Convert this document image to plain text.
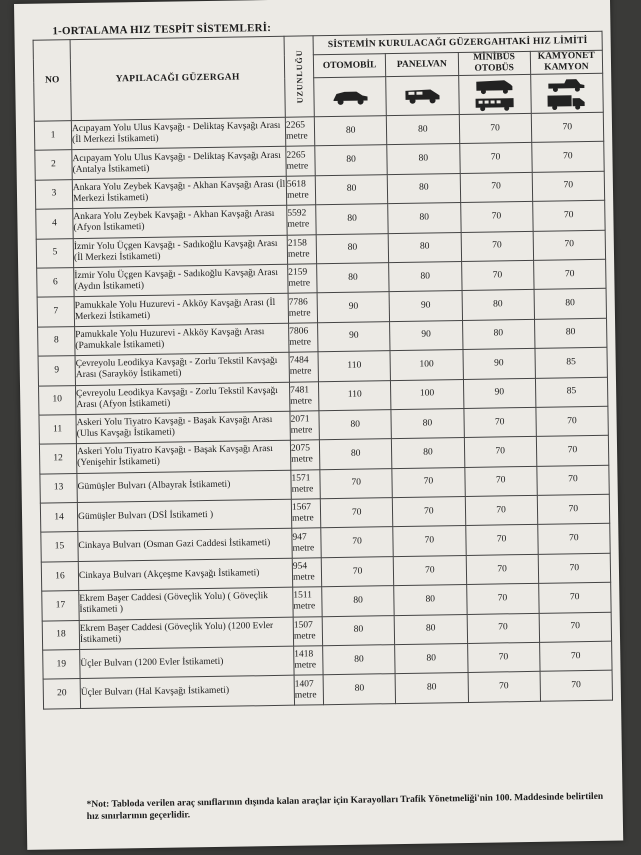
1-ORTALAMA HIZ TESPİT SİSTEMLERİ:
NO	YAPILACAĞI GÜZERGAH	UZUNLUĞU	SİSTEMİN KURULACAĞI GÜZERGAHTAKİ HIZ LİMİTİ			
			OTOMOBİL	PANELVAN	MİNİBÜS OTOBÜS	KAMYONET KAMYON

1	Acıpayam Yolu Ulus Kavşağı - Deliktaş Kavşağı Arası (İl Merkezi İstikameti)	2265 metre	80	80	70	70
2	Acıpayam Yolu Ulus Kavşağı - Deliktaş Kavşağı Arası (Antalya İstikameti)	2265 metre	80	80	70	70
3	Ankara Yolu Zeybek Kavşağı - Akhan Kavşağı Arası (İl Merkezi İstikameti)	5618 metre	80	80	70	70
4	Ankara Yolu Zeybek Kavşağı - Akhan Kavşağı Arası (Afyon İstikameti)	5592 metre	80	80	70	70
5	İzmir Yolu Üçgen Kavşağı - Sadıkoğlu Kavşağı Arası (İl Merkezi İstikameti)	2158 metre	80	80	70	70
6	İzmir Yolu Üçgen Kavşağı - Sadıkoğlu Kavşağı Arası (Aydın İstikameti)	2159 metre	80	80	70	70
7	Pamukkale Yolu Huzurevi - Akköy Kavşağı Arası (İl Merkezi İstikameti)	7786 metre	90	90	80	80
8	Pamukkale Yolu Huzurevi - Akköy Kavşağı Arası (Pamukkale İstikameti)	7806 metre	90	90	80	80
9	Çevreyolu Leodikya Kavşağı - Zorlu Tekstil Kavşağı Arası (Sarayköy İstikameti)	7484 metre	110	100	90	85
10	Çevreyolu Leodikya Kavşağı - Zorlu Tekstil Kavşağı Arası (Afyon İstikameti)	7481 metre	110	100	90	85
11	Askeri Yolu Tiyatro Kavşağı - Başak Kavşağı Arası (Ulus Kavşağı İstikameti)	2071 metre	80	80	70	70
12	Askeri Yolu Tiyatro Kavşağı - Başak Kavşağı Arası (Yenişehir İstikameti)	2075 metre	80	80	70	70
13	Gümüşler Bulvarı (Albayrak İstikameti)	1571 metre	70	70	70	70
14	Gümüşler Bulvarı (DSİ İstikameti )	1567 metre	70	70	70	70
15	Cinkaya Bulvarı (Osman Gazi Caddesi İstikameti)	947 metre	70	70	70	70
16	Cinkaya Bulvarı (Akçeşme Kavşağı İstikameti)	954 metre	70	70	70	70
17	Ekrem Başer Caddesi (Göveçlik Yolu) ( Göveçlik İstikameti )	1511 metre	80	80	70	70
18	Ekrem Başer Caddesi (Göveçlik Yolu) (1200 Evler İstikameti)	1507 metre	80	80	70	70
19	Üçler Bulvarı (1200 Evler İstikameti)	1418 metre	80	80	70	70
20	Üçler Bulvarı (Hal Kavşağı İstikameti)	1407 metre	80	80	70	70
*Not: Tabloda verilen araç sınıflarının dışında kalan araçlar için Karayolları Trafik Yönetmeliği'nin 100. Maddesinde belirtilen hız sınırlarının geçerlidir.
